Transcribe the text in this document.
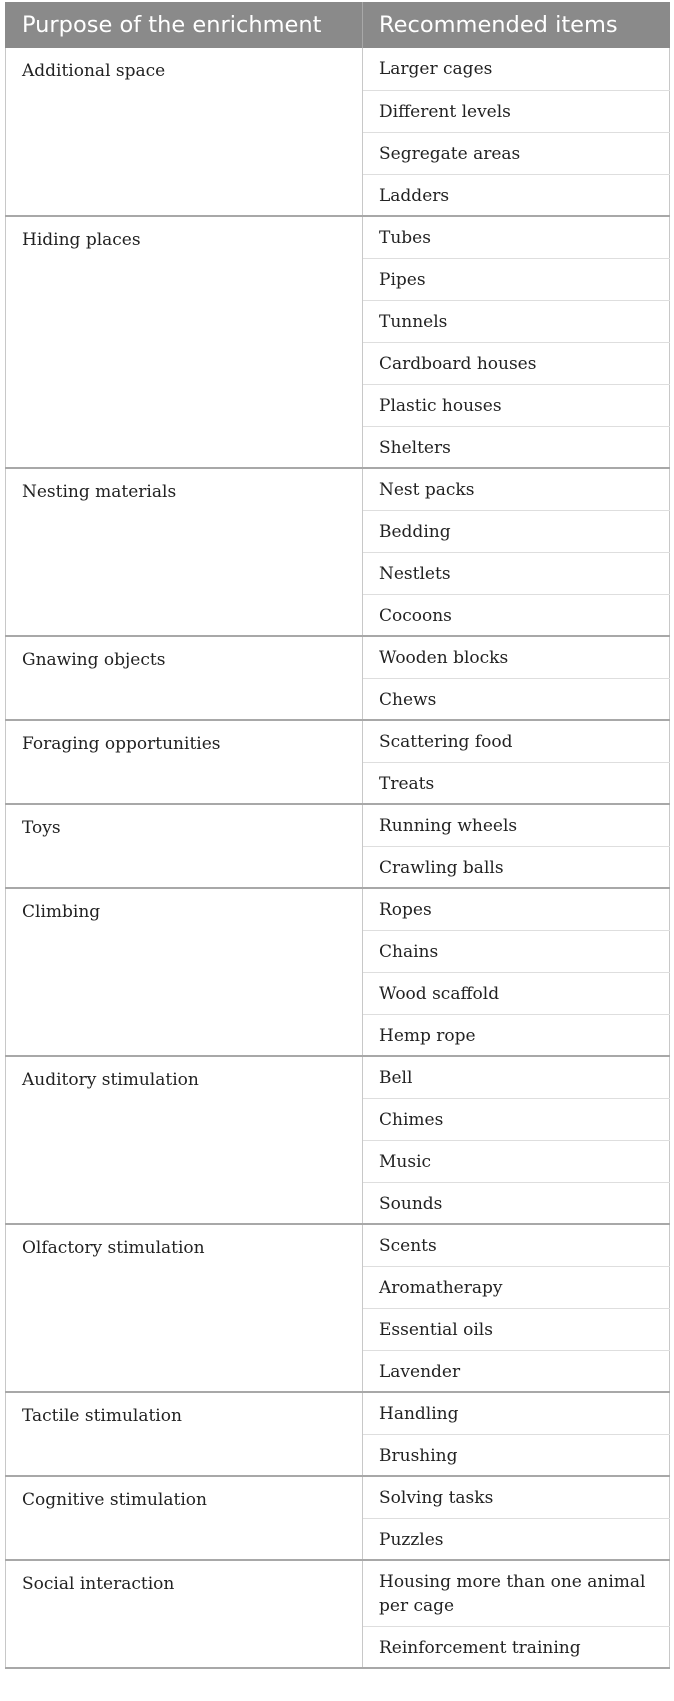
Purpose of the enrichment	Recommended items
Additional space	Larger cages
	Different levels
	Segregate areas
	Ladders
Hiding places	Tubes
	Pipes
	Tunnels
	Cardboard houses
	Plastic houses
	Shelters
Nesting materials	Nest packs
	Bedding
	Nestlets
	Cocoons
Gnawing objects	Wooden blocks
	Chews
Foraging opportunities	Scattering food
	Treats
Toys	Running wheels
	Crawling balls
Climbing	Ropes
	Chains
	Wood scaffold
	Hemp rope
Auditory stimulation	Bell
	Chimes
	Music
	Sounds
Olfactory stimulation	Scents
	Aromatherapy
	Essential oils
	Lavender
Tactile stimulation	Handling
	Brushing
Cognitive stimulation	Solving tasks
	Puzzles
Social interaction	Housing more than one animal per cage
	Reinforcement training
